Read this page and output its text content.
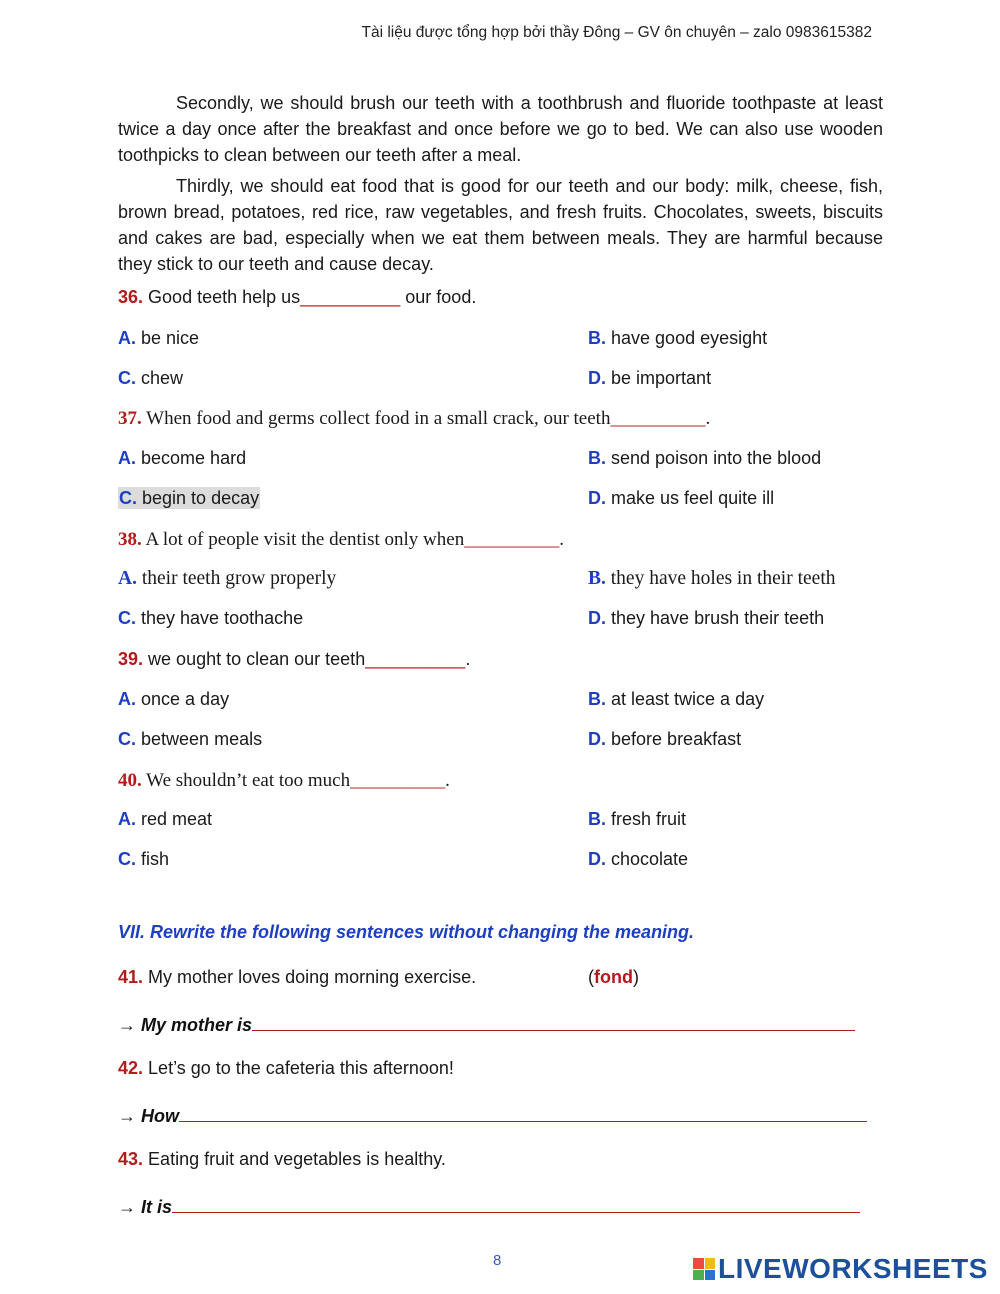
Tài liệu được tổng hợp bởi thầy Đông – GV ôn chuyên – zalo 0983615382
Secondly, we should brush our teeth with a toothbrush and fluoride toothpaste at least twice a day once after the breakfast and once before we go to bed. We can also use wooden toothpicks to clean between our teeth after a meal.
Thirdly, we should eat food that is good for our teeth and our body: milk, cheese, fish, brown bread, potatoes, red rice, raw vegetables, and fresh fruits. Chocolates, sweets, biscuits and cakes are bad, especially when we eat them between meals. They are harmful because they stick to our teeth and cause decay.
36. Good teeth help us__________ our food.
A. be nice	B. have good eyesight
C. chew	D. be important
37. When food and germs collect food in a small crack, our teeth__________.
A. become hard	B. send poison into the blood
C. begin to decay	D. make us feel quite ill
38. A lot of people visit the dentist only when__________.
A. their teeth grow properly	B. they have holes in their teeth
C. they have toothache	D. they have brush their teeth
39. we ought to clean our teeth__________.
A. once a day	B. at least twice a day
C. between meals	D. before breakfast
40. We shouldn’t eat too much__________.
A. red meat	B. fresh fruit
C. fish	D. chocolate
VII. Rewrite the following sentences without changing the meaning.
41. My mother loves doing morning exercise.	(fond)
→ My mother is
42. Let’s go to the cafeteria this afternoon!
→ How
43. Eating fruit and vegetables is healthy.
→ It is
8	LIVEWORKSHEETS
